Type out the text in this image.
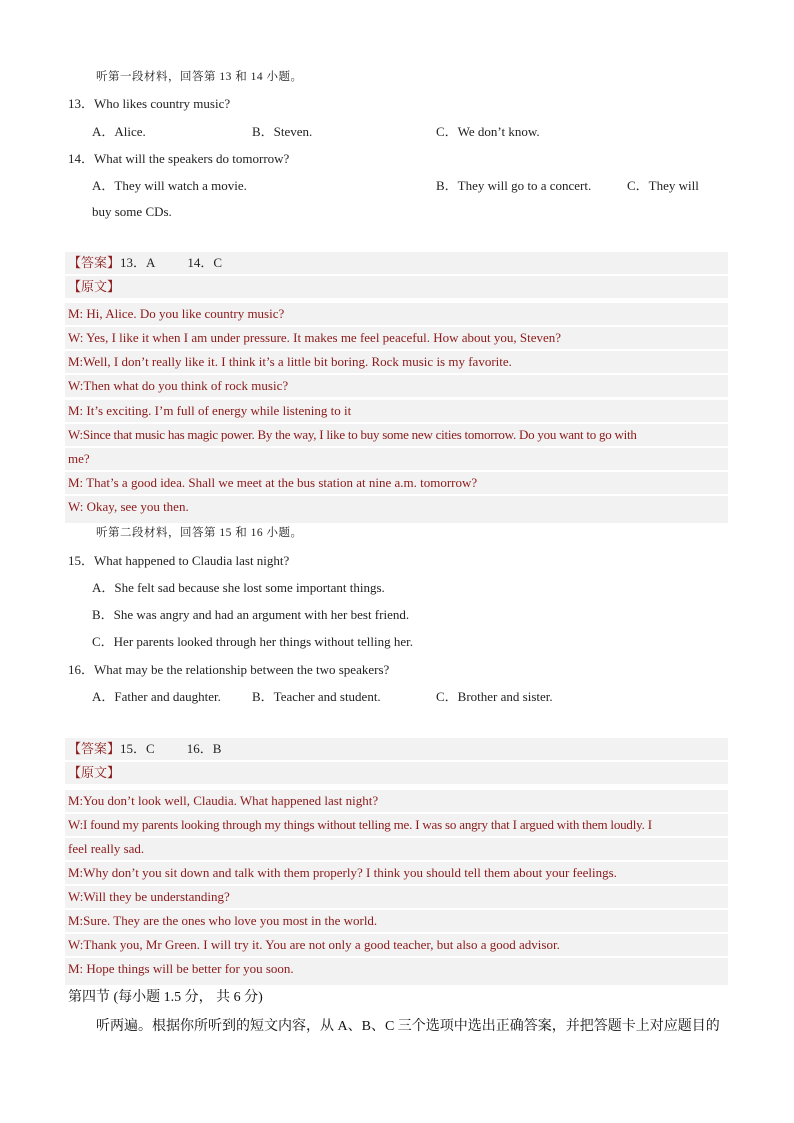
听第一段材料，回答第 13 和 14 小题。
13．Who likes country music?
A．Alice.	B．Steven.	C．We don’t know.
14．What will the speakers do tomorrow?
A．They will watch a movie.	B．They will go to a concert.	C．They will
buy some CDs.
【答案】13．A 14．C
【原文】
M: Hi, Alice. Do you like country music?
W: Yes, I like it when I am under pressure. It makes me feel peaceful. How about you, Steven?
M:Well, I don’t really like it. I think it’s a little bit boring. Rock music is my favorite.
W:Then what do you think of rock music?
M: It’s exciting. I’m full of energy while listening to it
W:Since that music has magic power. By the way, I like to buy some new cities tomorrow. Do you want to go with
me?
M: That’s a good idea. Shall we meet at the bus station at nine a.m. tomorrow?
W: Okay, see you then.
听第二段材料，回答第 15 和 16 小题。
15．What happened to Claudia last night?
A．She felt sad because she lost some important things.
B．She was angry and had an argument with her best friend.
C．Her parents looked through her things without telling her.
16．What may be the relationship between the two speakers?
A．Father and daughter. B．Teacher and student.	C．Brother and sister.
【答案】15．C 16．B
【原文】
M:You don’t look well, Claudia. What happened last night?
W:I found my parents looking through my things without telling me. I was so angry that I argued with them loudly. I
feel really sad.
M:Why don’t you sit down and talk with them properly? I think you should tell them about your feelings.
W:Will they be understanding?
M:Sure. They are the ones who love you most in the world.
W:Thank you, Mr Green. I will try it. You are not only a good teacher, but also a good advisor.
M: Hope things will be better for you soon.
第四节 (每小题 1.5 分， 共 6 分)
听两遍。根据你所听到的短文内容，从 A、B、C 三个选项中选出正确答案，并把答题卡上对应题目的
